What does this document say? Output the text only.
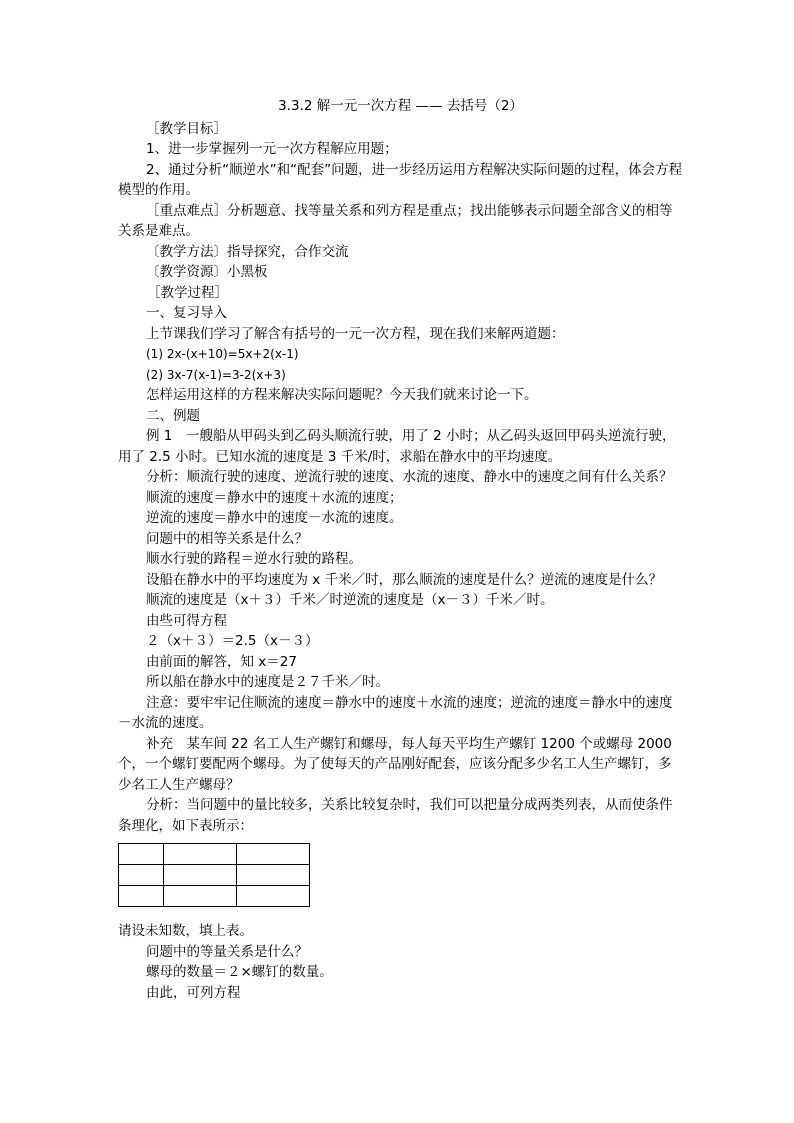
3.3.2 解一元一次方程 —— 去括号（2）

［教学目标］

1、进一步掌握列一元一次方程解应用题；

2、通过分析“顺逆水”和“配套”问题，进一步经历运用方程解决实际问题的过程，体会方程模型的作用。

［重点难点］分析题意、找等量关系和列方程是重点；找出能够表示问题全部含义的相等关系是难点。

〔教学方法〕指导探究，合作交流

〔教学资源〕小黑板

［教学过程］

一、复习导入

上节课我们学习了解含有括号的一元一次方程，现在我们来解两道题：

(1) 2x-(x+10)=5x+2(x-1)

(2) 3x-7(x-1)=3-2(x+3)

怎样运用这样的方程来解决实际问题呢？今天我们就来讨论一下。

二、例题

例 1　一艘船从甲码头到乙码头顺流行驶，用了 2 小时；从乙码头返回甲码头逆流行驶，用了 2.5 小时。已知水流的速度是 3 千米/时，求船在静水中的平均速度。

分析：顺流行驶的速度、逆流行驶的速度、水流的速度、静水中的速度之间有什么关系？

顺流的速度＝静水中的速度＋水流的速度；

逆流的速度＝静水中的速度－水流的速度。

问题中的相等关系是什么？

顺水行驶的路程＝逆水行驶的路程。

设船在静水中的平均速度为 x 千米／时，那么顺流的速度是什么？逆流的速度是什么？

顺流的速度是（x＋３）千米／时逆流的速度是（x－３）千米／时。

由些可得方程

２（x＋３）＝2.5（x－３）

由前面的解答，知 x＝27

所以船在静水中的速度是２７千米／时。

注意：要牢牢记住顺流的速度＝静水中的速度＋水流的速度；逆流的速度＝静水中的速度－水流的速度。

补充　某车间 22 名工人生产螺钉和螺母，每人每天平均生产螺钉 1200 个或螺母 2000 个，一个螺钉要配两个螺母。为了使每天的产品刚好配套，应该分配多少名工人生产螺钉，多少名工人生产螺母？

分析：当问题中的量比较多，关系比较复杂时，我们可以把量分成两类列表，从而使条件条理化，如下表所示：

请设未知数，填上表。

问题中的等量关系是什么？

螺母的数量＝２×螺钉的数量。

由此，可列方程
